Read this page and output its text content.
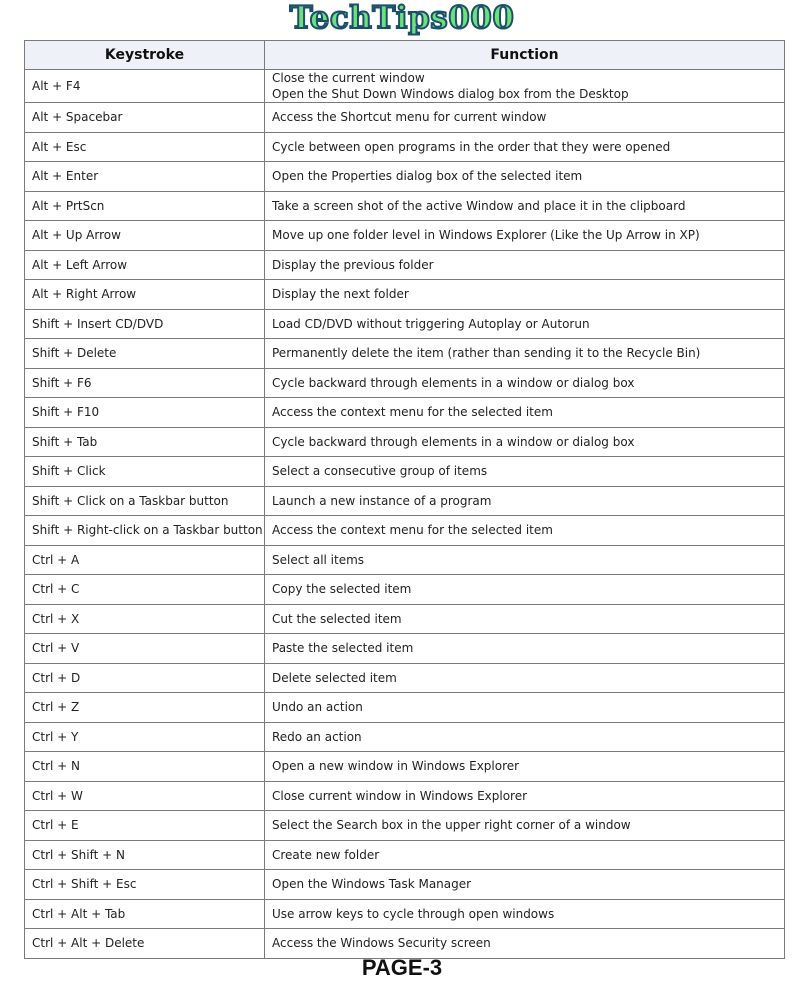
TechTips000
Keystroke	Function
Alt + F4	Close the current window
Open the Shut Down Windows dialog box from the Desktop

Alt + Spacebar	Access the Shortcut menu for current window

Alt + Esc	Cycle between open programs in the order that they were opened

Alt + Enter	Open the Properties dialog box of the selected item

Alt + PrtScn	Take a screen shot of the active Window and place it in the clipboard

Alt + Up Arrow	Move up one folder level in Windows Explorer (Like the Up Arrow in XP)

Alt + Left Arrow	Display the previous folder

Alt + Right Arrow	Display the next folder

Shift + Insert CD/DVD	Load CD/DVD without triggering Autoplay or Autorun

Shift + Delete	Permanently delete the item (rather than sending it to the Recycle Bin)

Shift + F6	Cycle backward through elements in a window or dialog box

Shift + F10	Access the context menu for the selected item

Shift + Tab	Cycle backward through elements in a window or dialog box

Shift + Click	Select a consecutive group of items

Shift + Click on a Taskbar button	Launch a new instance of a program

Shift + Right-click on a Taskbar button	Access the context menu for the selected item

Ctrl + A	Select all items

Ctrl + C	Copy the selected item

Ctrl + X	Cut the selected item

Ctrl + V	Paste the selected item

Ctrl + D	Delete selected item

Ctrl + Z	Undo an action

Ctrl + Y	Redo an action

Ctrl + N	Open a new window in Windows Explorer

Ctrl + W	Close current window in Windows Explorer

Ctrl + E	Select the Search box in the upper right corner of a window

Ctrl + Shift + N	Create new folder

Ctrl + Shift + Esc	Open the Windows Task Manager

Ctrl + Alt + Tab	Use arrow keys to cycle through open windows

Ctrl + Alt + Delete	Access the Windows Security screen
PAGE-3
